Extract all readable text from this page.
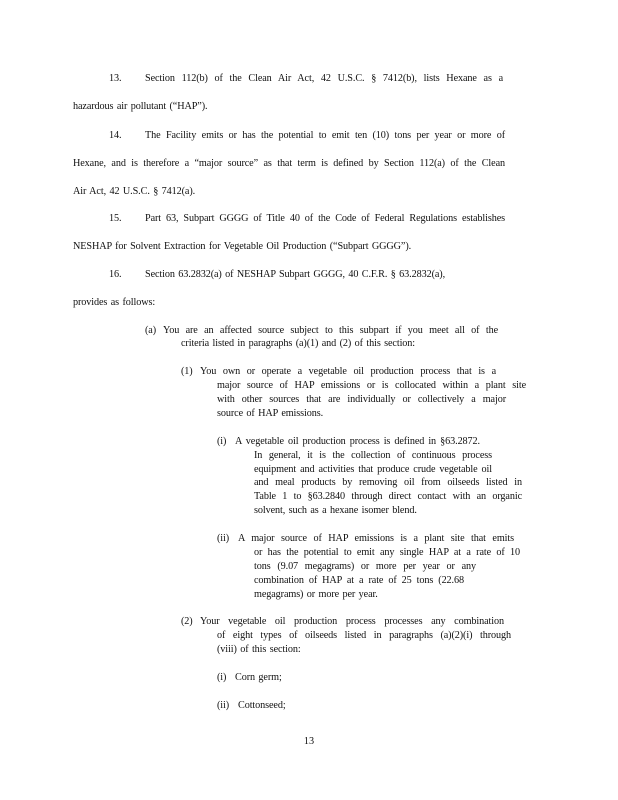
13. Section 112(b) of the Clean Air Act, 42 U.S.C. § 7412(b), lists Hexane as a
hazardous air pollutant (“HAP”).
14. The Facility emits or has the potential to emit ten (10) tons per year or more of
Hexane, and is therefore a “major source” as that term is defined by Section 112(a) of the Clean
Air Act, 42 U.S.C. § 7412(a).
15. Part 63, Subpart GGGG of Title 40 of the Code of Federal Regulations establishes
NESHAP for Solvent Extraction for Vegetable Oil Production (“Subpart GGGG”).
16. Section 63.2832(a) of NESHAP Subpart GGGG, 40 C.F.R. § 63.2832(a),
provides as follows:
(a) You are an affected source subject to this subpart if you meet all of the
criteria listed in paragraphs (a)(1) and (2) of this section:
(1) You own or operate a vegetable oil production process that is a
major source of HAP emissions or is collocated within a plant site
with other sources that are individually or collectively a major
source of HAP emissions.
(i) A vegetable oil production process is defined in §63.2872.
In general, it is the collection of continuous process
equipment and activities that produce crude vegetable oil
and meal products by removing oil from oilseeds listed in
Table 1 to §63.2840 through direct contact with an organic
solvent, such as a hexane isomer blend.
(ii) A major source of HAP emissions is a plant site that emits
or has the potential to emit any single HAP at a rate of 10
tons (9.07 megagrams) or more per year or any
combination of HAP at a rate of 25 tons (22.68
megagrams) or more per year.
(2) Your vegetable oil production process processes any combination
of eight types of oilseeds listed in paragraphs (a)(2)(i) through
(viii) of this section:
(i) Corn germ;
(ii) Cottonseed;
13
